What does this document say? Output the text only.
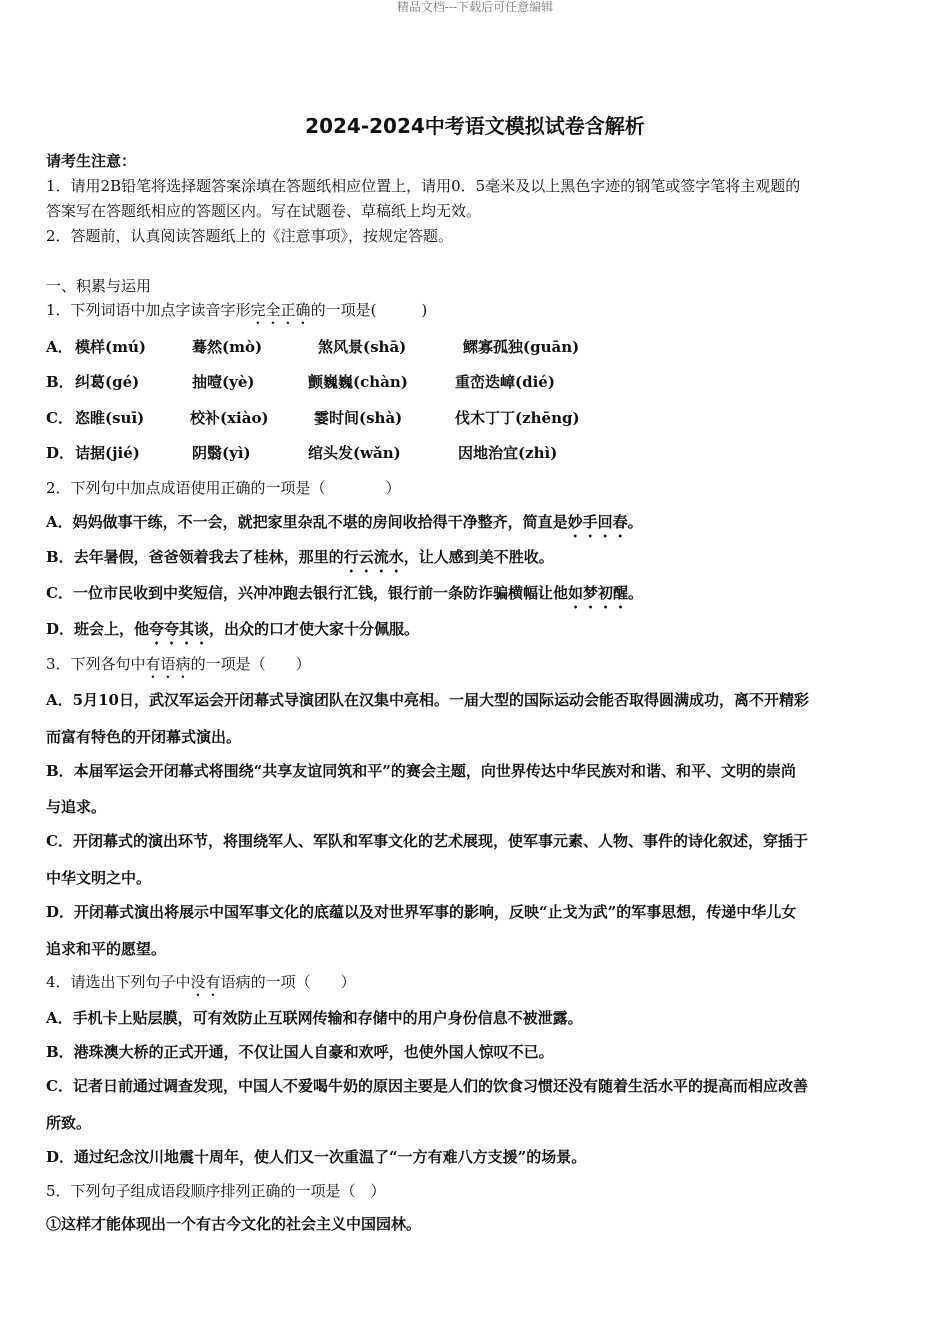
精品文档---下载后可任意编辑
2024-2024中考语文模拟试卷含解析
请考生注意：
1．请用2B铅笔将选择题答案涂填在答题纸相应位置上，请用0．5毫米及以上黑色字迹的钢笔或签字笔将主观题的
答案写在答题纸相应的答题区内。写在试题卷、草稿纸上均无效。
2．答题前，认真阅读答题纸上的《注意事项》，按规定答题。
一、积累与运用
1．下列词语中加点字读音字形完全正确的一项是(　　　)
A． 模样(mú)	蓦然(mò)	煞风景(shā)	鳏寡孤独(guān)
B． 纠葛(gé)	抽噎(yè)	颤巍巍(chàn)	重峦迭嶂(dié)
C． 恣睢(suī)	校补(xiào)	霎时间(shà)	伐木丁丁(zhēng)
D． 诘据(jié)	阴翳(yì)	绾头发(wǎn)	因地治宜(zhì)
2．下列句中加点成语使用正确的一项是（　　　　）
A．妈妈做事干练，不一会，就把家里杂乱不堪的房间收拾得干净整齐，简直是妙手回春。
B．去年暑假，爸爸领着我去了桂林，那里的行云流水，让人感到美不胜收。
C．一位市民收到中奖短信，兴冲冲跑去银行汇钱，银行前一条防诈骗横幅让他如梦初醒。
D．班会上，他夸夸其谈，出众的口才使大家十分佩服。
3．下列各句中有语病的一项是（　　）
A．5月10日，武汉军运会开闭幕式导演团队在汉集中亮相。一届大型的国际运动会能否取得圆满成功，离不开精彩
而富有特色的开闭幕式演出。
B．本届军运会开闭幕式将围绕“共享友谊同筑和平”的赛会主题，向世界传达中华民族对和谐、和平、文明的崇尚
与追求。
C．开闭幕式的演出环节，将围绕军人、军队和军事文化的艺术展现，使军事元素、人物、事件的诗化叙述，穿插于
中华文明之中。
D．开闭幕式演出将展示中国军事文化的底蕴以及对世界军事的影响，反映“止戈为武”的军事思想，传递中华儿女
追求和平的愿望。
4．请选出下列句子中没有语病的一项（　　）
A．手机卡上贴层膜，可有效防止互联网传输和存储中的用户身份信息不被泄露。
B．港珠澳大桥的正式开通，不仅让国人自豪和欢呼，也使外国人惊叹不已。
C．记者日前通过调查发现，中国人不爱喝牛奶的原因主要是人们的饮食习惯还没有随着生活水平的提高而相应改善
所致。
D．通过纪念汶川地震十周年，使人们又一次重温了“一方有难八方支援”的场景。
5．下列句子组成语段顺序排列正确的一项是（　）
①这样才能体现出一个有古今文化的社会主义中国园林。
